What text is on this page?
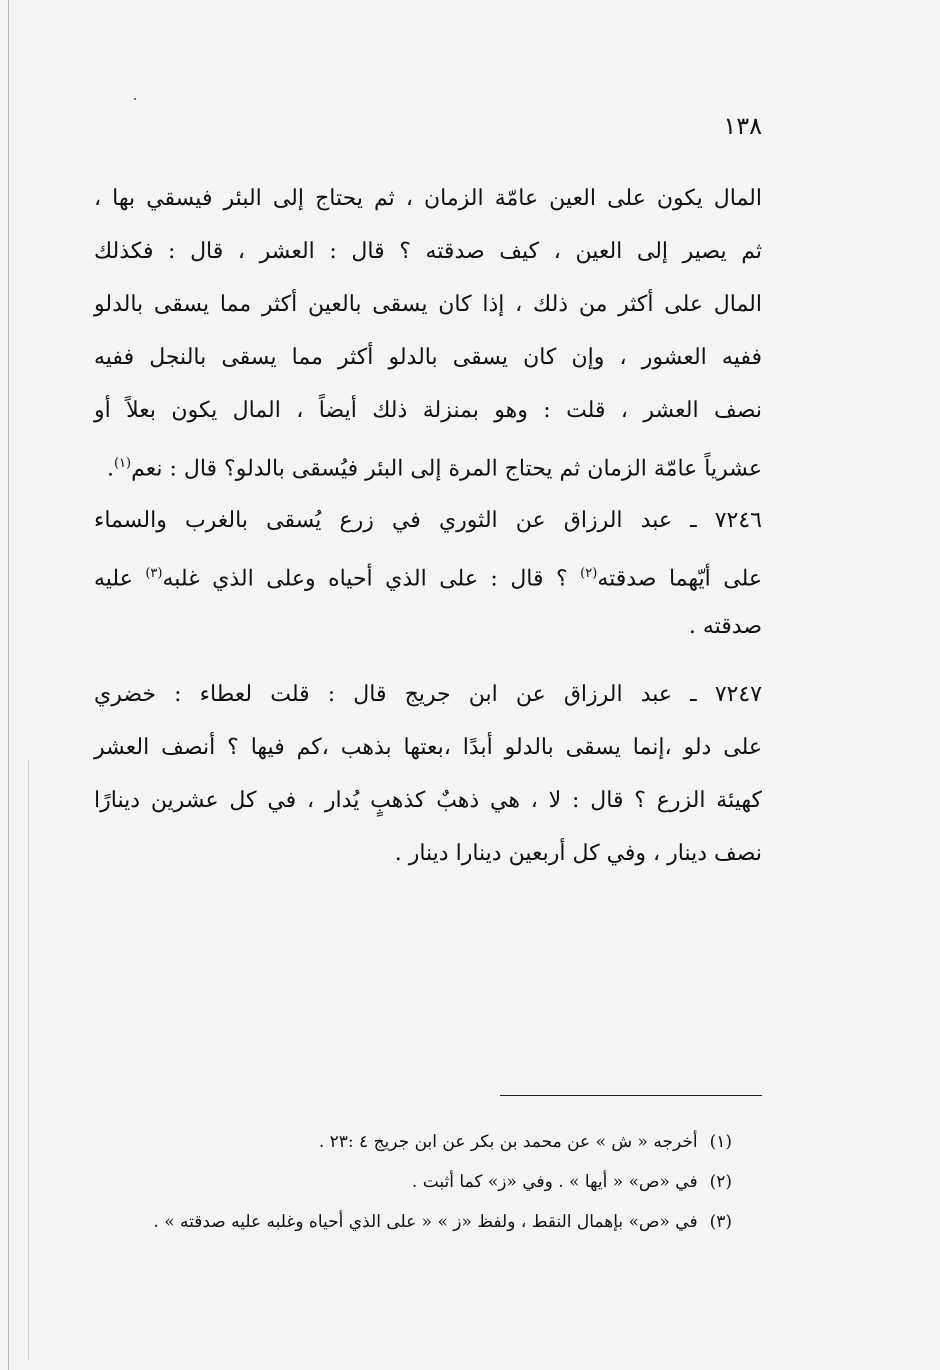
١٣٨
المال يكون على العين عامّة الزمان ، ثم يحتاج إلى البئر فيسقي بها ،
ثم يصير إلى العين ، كيف صدقته ؟ قال : العشر ، قال : فكذلك
المال على أكثر من ذلك ، إذا كان يسقى بالعين أكثر مما يسقى بالدلو
ففيه العشور ، وإن كان يسقى بالدلو أكثر مما يسقى بالنجل ففيه
نصف العشر ، قلت : وهو بمنزلة ذلك أيضاً ، المال يكون بعلاً أو
عشرياً عامّة الزمان ثم يحتاج المرة إلى البئر فيُسقى بالدلو؟ قال : نعم$^{(١)}$.
٧٢٤٦ ـ عبد الرزاق عن الثوري في زرع يُسقى بالغرب والسماء
على أيّهما صدقته$^{(٢)}$ ؟ قال : على الذي أحياه وعلى الذي غلبه$^{(٣)}$ عليه
صدقته .
٧٢٤٧ ـ عبد الرزاق عن ابن جريج قال : قلت لعطاء : خضري
على دلو ،إنما يسقى بالدلو أبدًا ،بعتها بذهب ،كم فيها ؟ أنصف العشر
كهيئة الزرع ؟ قال : لا ، هي ذهبٌ كذهبٍ يُدار ، في كل عشرين دينارًا
نصف دينار ، وفي كل أربعين دينارا دينار .
(١)أخرجه « ش » عن محمد بن بكر عن ابن جريج ٤ :٢٣ .
(٢)في «ص» « أيها » . وفي «ز» كما أثبت .
(٣)في «ص» بإهمال النقط ، ولفظ «ز » « على الذي أحياه وغلبه عليه صدقته » .
